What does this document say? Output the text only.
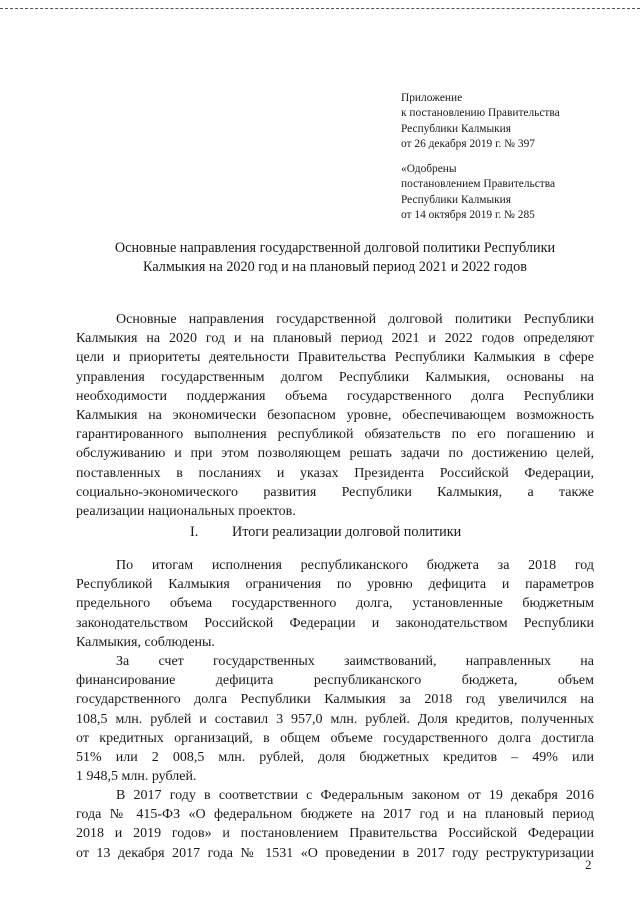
Приложение
к постановлению Правительства
Республики Калмыкия
от 26 декабря 2019 г. № 397
«Одобрены
постановлением Правительства
Республики Калмыкия
от 14 октября 2019 г. № 285
Основные направления государственной долговой политики Республики
Калмыкия на 2020 год и на плановый период 2021 и 2022 годов
Основные направления государственной долговой политики Республики
Калмыкия на 2020 год и на плановый период 2021 и 2022 годов определяют
цели и приоритеты деятельности Правительства Республики Калмыкия в сфере
управления государственным долгом Республики Калмыкия, основаны на
необходимости поддержания объема государственного долга Республики
Калмыкия на экономически безопасном уровне, обеспечивающем возможность
гарантированного выполнения республикой обязательств по его погашению и
обслуживанию и при этом позволяющем решать задачи по достижению целей,
поставленных в посланиях и указах Президента Российской Федерации,
социально-экономического развития Республики Калмыкия, а также
реализации национальных проектов.
I. Итоги реализации долговой политики
По итогам исполнения республиканского бюджета за 2018 год
Республикой Калмыкия ограничения по уровню дефицита и параметров
предельного объема государственного долга, установленные бюджетным
законодательством Российской Федерации и законодательством Республики
Калмыкия, соблюдены.
За счет государственных заимствований, направленных на
финансирование дефицита республиканского бюджета, объем
государственного долга Республики Калмыкия за 2018 год увеличился на
108,5 млн. рублей и составил 3 957,0 млн. рублей. Доля кредитов, полученных
от кредитных организаций, в общем объеме государственного долга достигла
51% или 2 008,5 млн. рублей, доля бюджетных кредитов – 49% или
1 948,5 млн. рублей.
В 2017 году в соответствии с Федеральным законом от 19 декабря 2016
года № 415-ФЗ «О федеральном бюджете на 2017 год и на плановый период
2018 и 2019 годов» и постановлением Правительства Российской Федерации
от 13 декабря 2017 года № 1531 «О проведении в 2017 году реструктуризации
2
